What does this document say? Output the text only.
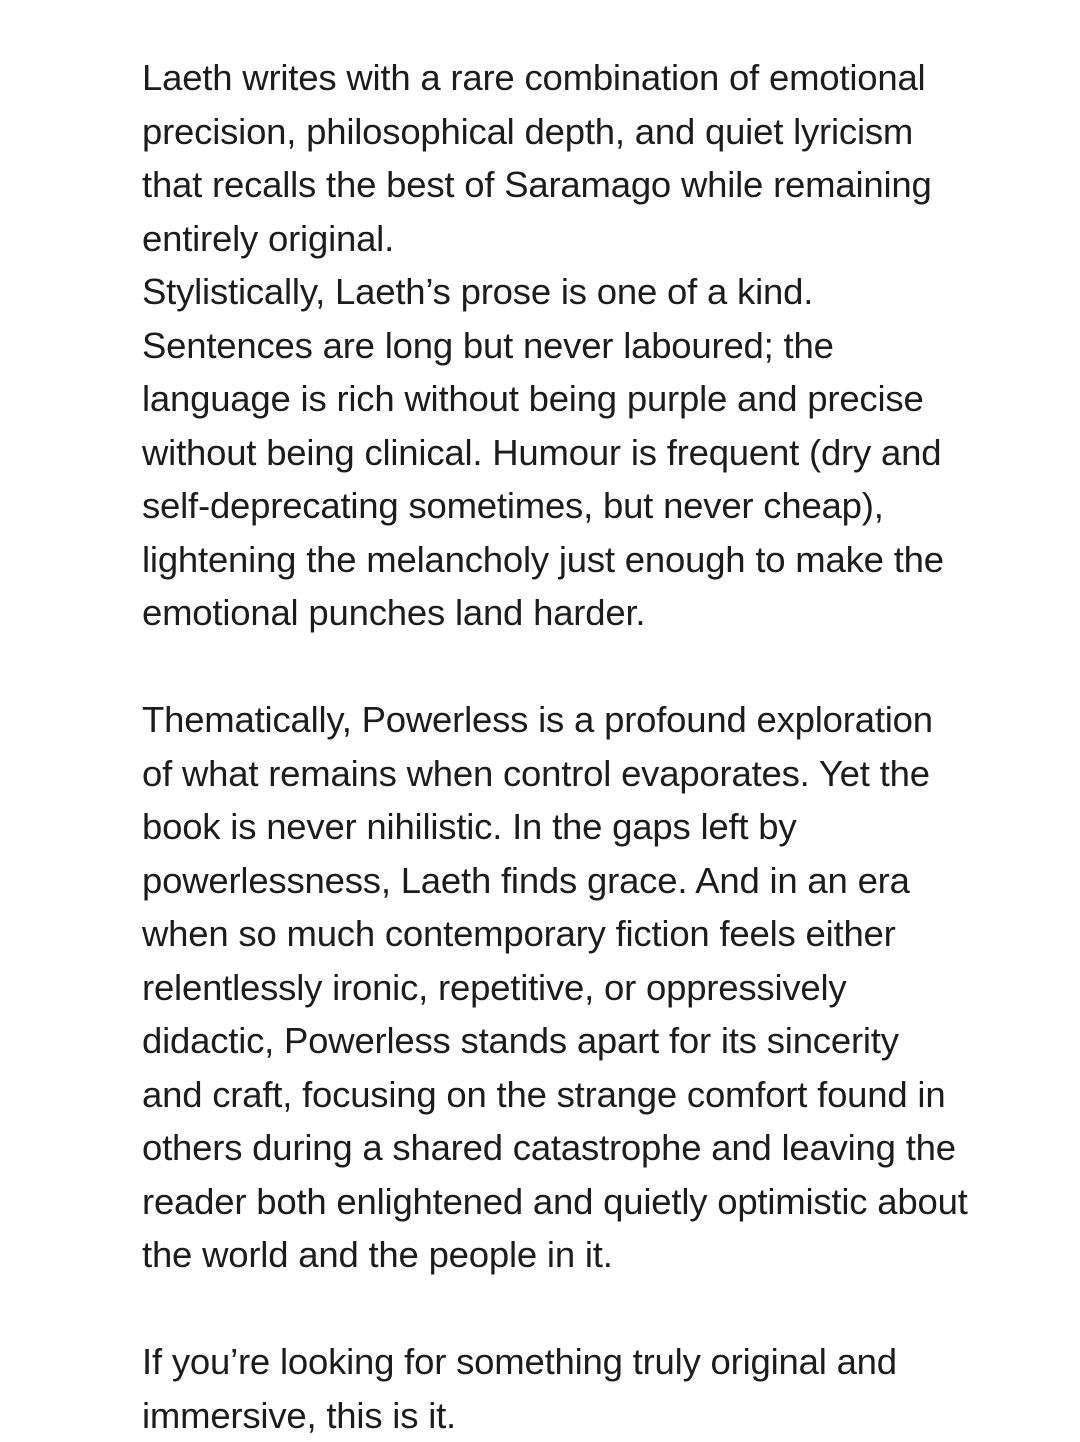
Laeth writes with a rare combination of emotional
precision, philosophical depth, and quiet lyricism
that recalls the best of Saramago while remaining
entirely original.
Stylistically, Laeth’s prose is one of a kind.
Sentences are long but never laboured; the
language is rich without being purple and precise
without being clinical. Humour is frequent (dry and
self-deprecating sometimes, but never cheap),
lightening the melancholy just enough to make the
emotional punches land harder.
Thematically, Powerless is a profound exploration
of what remains when control evaporates. Yet the
book is never nihilistic. In the gaps left by
powerlessness, Laeth finds grace. And in an era
when so much contemporary fiction feels either
relentlessly ironic, repetitive, or oppressively
didactic, Powerless stands apart for its sincerity
and craft, focusing on the strange comfort found in
others during a shared catastrophe and leaving the
reader both enlightened and quietly optimistic about
the world and the people in it.
If you’re looking for something truly original and
immersive, this is it.
